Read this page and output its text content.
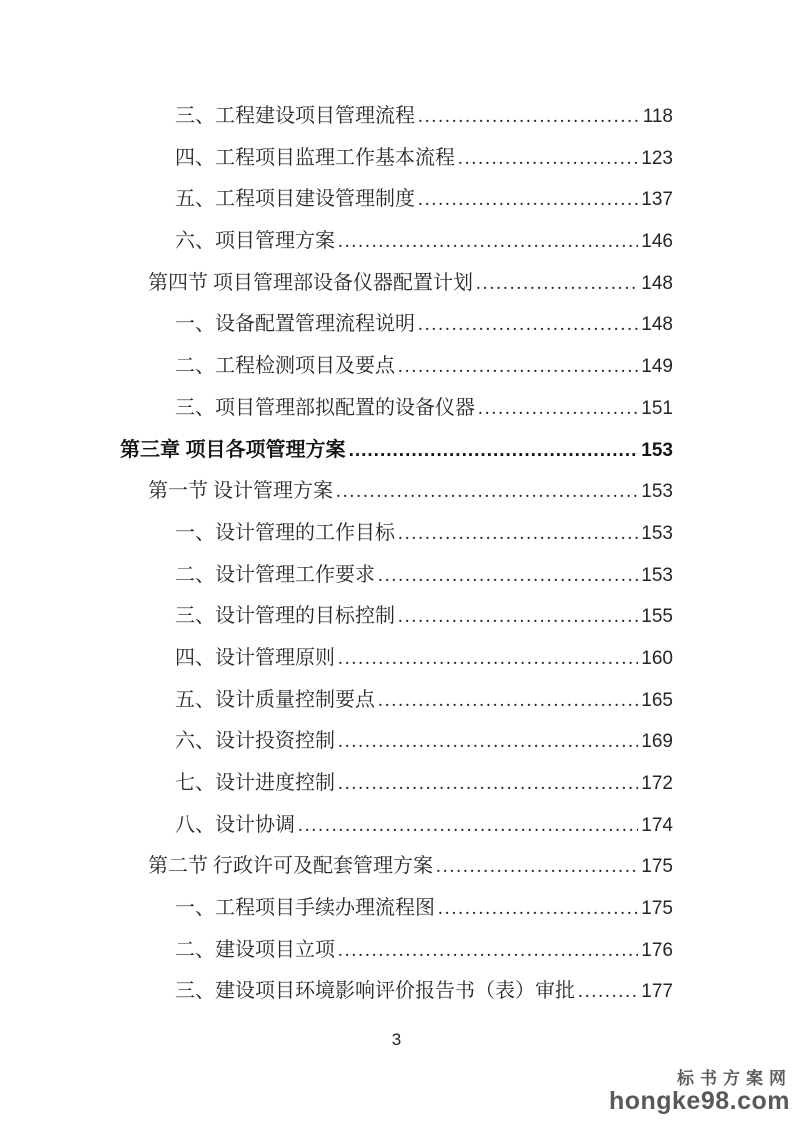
三、工程建设项目管理流程 .....	118
四、工程项目监理工作基本流程 .....	123
五、工程项目建设管理制度 .....	137
六、项目管理方案 .....	146
第四节 项目管理部设备仪器配置计划 .....	148
一、设备配置管理流程说明 .....	148
二、工程检测项目及要点 .....	149
三、项目管理部拟配置的设备仪器 .....	151
第三章 项目各项管理方案 .....	153
第一节 设计管理方案 .....	153
一、设计管理的工作目标 .....	153
二、设计管理工作要求 .....	153
三、设计管理的目标控制 .....	155
四、设计管理原则 .....	160
五、设计质量控制要点 .....	165
六、设计投资控制 .....	169
七、设计进度控制 .....	172
八、设计协调 .....	174
第二节 行政许可及配套管理方案 .....	175
一、工程项目手续办理流程图 .....	175
二、建设项目立项 .....	176
三、建设项目环境影响评价报告书（表）审批 .....	177
3
标书方案网
hongke98.com
